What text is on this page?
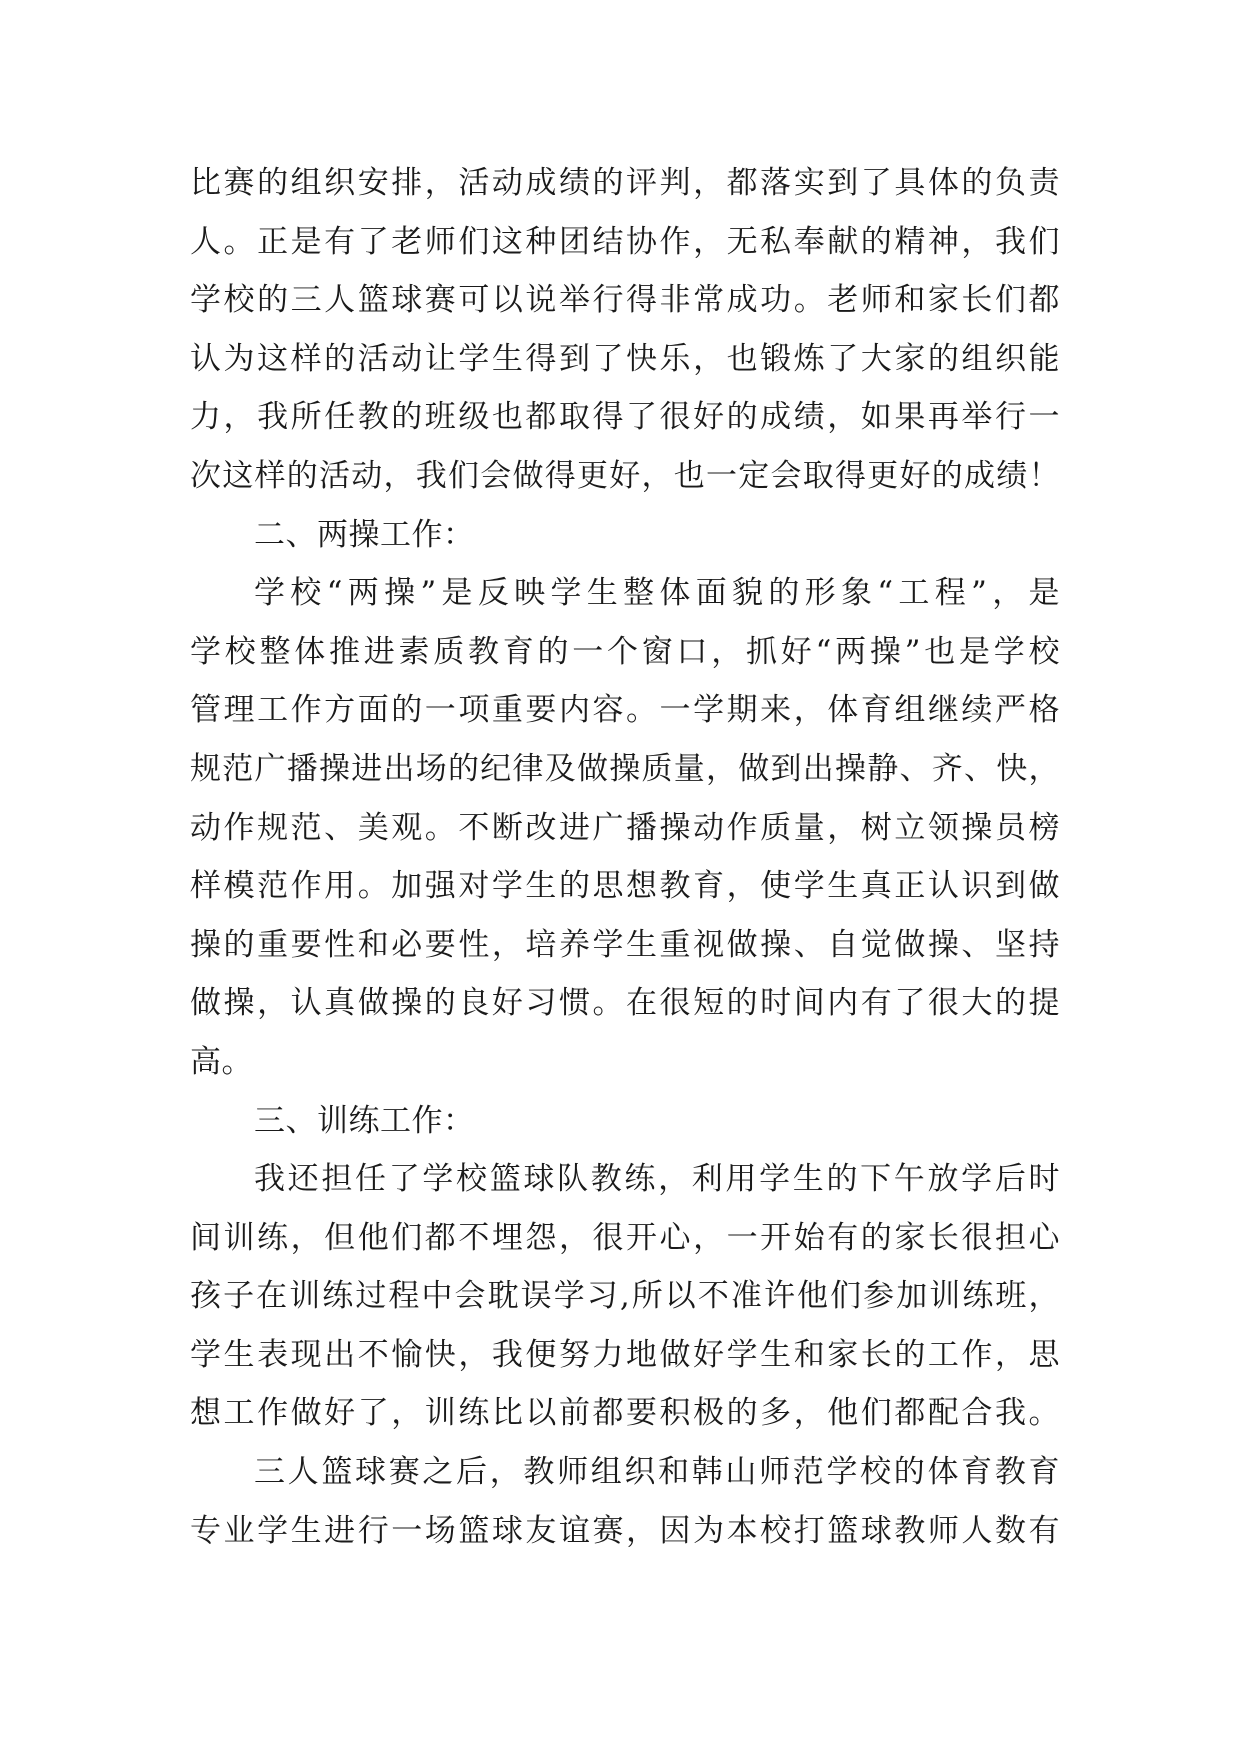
比赛的组织安排，活动成绩的评判，都落实到了具体的负责
人。正是有了老师们这种团结协作，无私奉献的精神，我们
学校的三人篮球赛可以说举行得非常成功。老师和家长们都
认为这样的活动让学生得到了快乐，也锻炼了大家的组织能
力，我所任教的班级也都取得了很好的成绩，如果再举行一
次这样的活动，我们会做得更好，也一定会取得更好的成绩！
二、两操工作：
学校“两操”是反映学生整体面貌的形象“工程”，是
学校整体推进素质教育的一个窗口，抓好“两操”也是学校
管理工作方面的一项重要内容。一学期来，体育组继续严格
规范广播操进出场的纪律及做操质量，做到出操静、齐、快，
动作规范、美观。不断改进广播操动作质量，树立领操员榜
样模范作用。加强对学生的思想教育，使学生真正认识到做
操的重要性和必要性，培养学生重视做操、自觉做操、坚持
做操，认真做操的良好习惯。在很短的时间内有了很大的提
高。
三、训练工作：
我还担任了学校篮球队教练，利用学生的下午放学后时
间训练，但他们都不埋怨，很开心，一开始有的家长很担心
孩子在训练过程中会耽误学习,所以不准许他们参加训练班，
学生表现出不愉快，我便努力地做好学生和家长的工作，思
想工作做好了，训练比以前都要积极的多，他们都配合我。
三人篮球赛之后，教师组织和韩山师范学校的体育教育
专业学生进行一场篮球友谊赛，因为本校打篮球教师人数有
